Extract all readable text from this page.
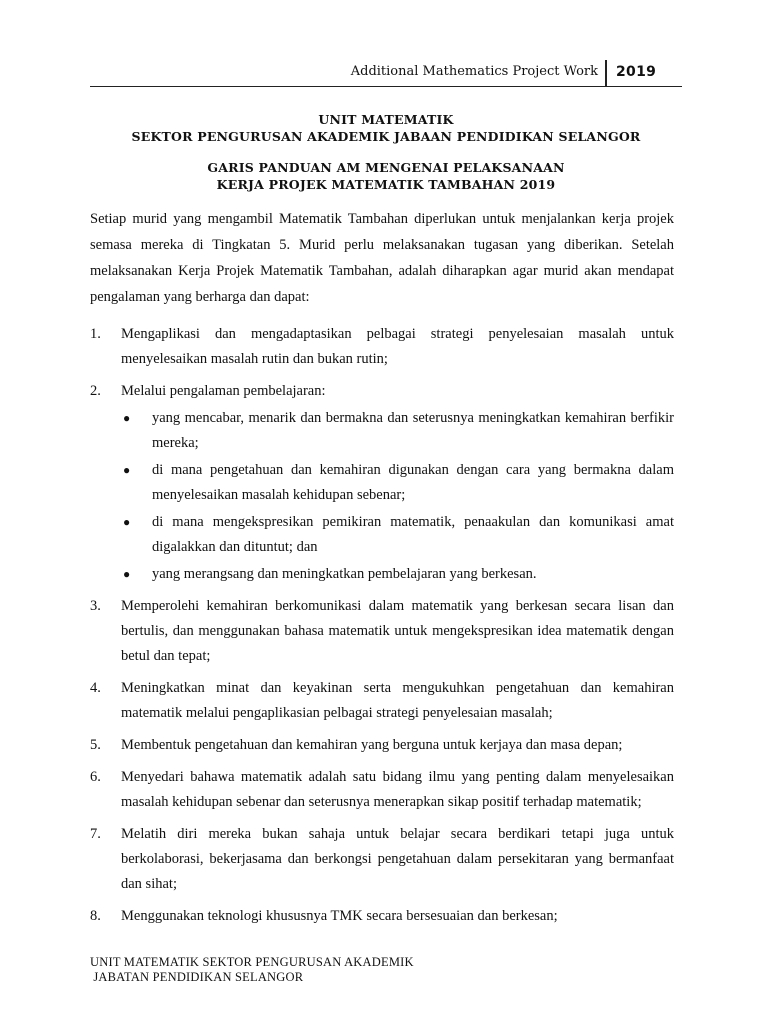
Additional Mathematics Project Work 2019
UNIT MATEMATIK
SEKTOR PENGURUSAN AKADEMIK JABAAN PENDIDIKAN SELANGOR
GARIS PANDUAN AM MENGENAI PELAKSANAAN
KERJA PROJEK MATEMATIK TAMBAHAN 2019
Setiap murid yang mengambil Matematik Tambahan diperlukan untuk menjalankan kerja projek semasa mereka di Tingkatan 5. Murid perlu melaksanakan tugasan yang diberikan. Setelah melaksanakan Kerja Projek Matematik Tambahan, adalah diharapkan agar murid akan mendapat pengalaman yang berharga dan dapat:
1. Mengaplikasi dan mengadaptasikan pelbagai strategi penyelesaian masalah untuk menyelesaikan masalah rutin dan bukan rutin;
2. Melalui pengalaman pembelajaran:
● yang mencabar, menarik dan bermakna dan seterusnya meningkatkan kemahiran berfikir mereka;
● di mana pengetahuan dan kemahiran digunakan dengan cara yang bermakna dalam menyelesaikan masalah kehidupan sebenar;
● di mana mengekspresikan pemikiran matematik, penaakulan dan komunikasi amat digalakkan dan dituntut; dan
● yang merangsang dan meningkatkan pembelajaran yang berkesan.
3. Memperolehi kemahiran berkomunikasi dalam matematik yang berkesan secara lisan dan bertulis, dan menggunakan bahasa matematik untuk mengekspresikan idea matematik dengan betul dan tepat;
4. Meningkatkan minat dan keyakinan serta mengukuhkan pengetahuan dan kemahiran matematik melalui pengaplikasian pelbagai strategi penyelesaian masalah;
5. Membentuk pengetahuan dan kemahiran yang berguna untuk kerjaya dan masa depan;
6. Menyedari bahawa matematik adalah satu bidang ilmu yang penting dalam menyelesaikan masalah kehidupan sebenar dan seterusnya menerapkan sikap positif terhadap matematik;
7. Melatih diri mereka bukan sahaja untuk belajar secara berdikari tetapi juga untuk berkolaborasi, bekerjasama dan berkongsi pengetahuan dalam persekitaran yang bermanfaat dan sihat;
8. Menggunakan teknologi khususnya TMK secara bersesuaian dan berkesan;
UNIT MATEMATIK SEKTOR PENGURUSAN AKADEMIK
JABATAN PENDIDIKAN SELANGOR
